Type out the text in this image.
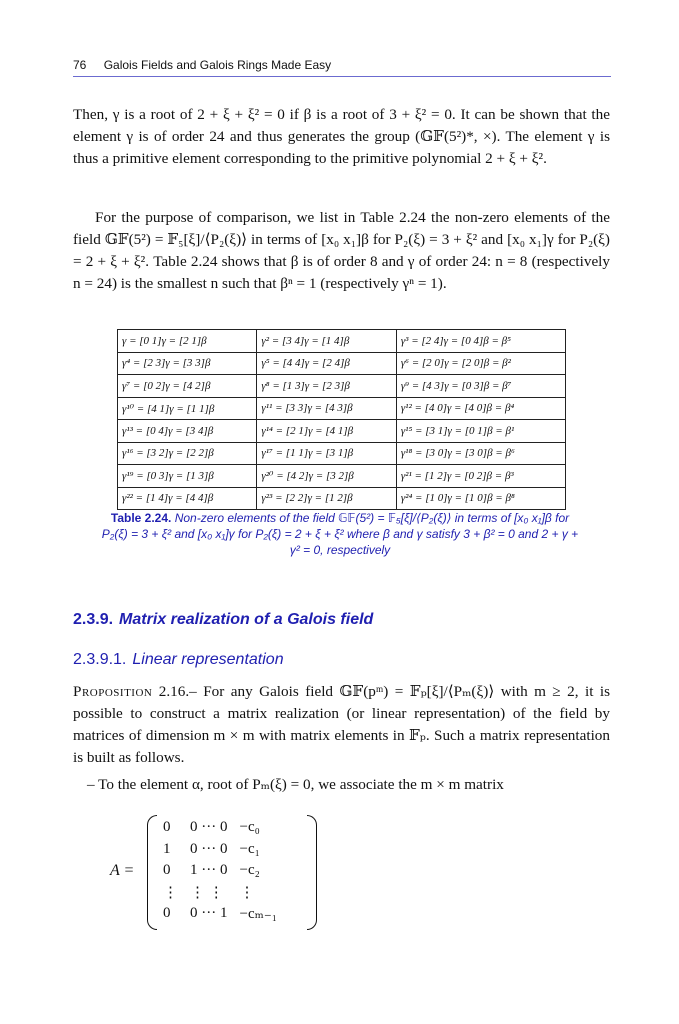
76 Galois Fields and Galois Rings Made Easy
Then, γ is a root of 2 + ξ + ξ² = 0 if β is a root of 3 + ξ² = 0. It can be shown that the element γ is of order 24 and thus generates the group (𝔾𝔽(5²)*, ×). The element γ is thus a primitive element corresponding to the primitive polynomial 2 + ξ + ξ².
For the purpose of comparison, we list in Table 2.24 the non-zero elements of the field 𝔾𝔽(5²) = 𝔽₅[ξ]/⟨P₂(ξ)⟩ in terms of [x₀ x₁]β for P₂(ξ) = 3 + ξ² and [x₀ x₁]γ for P₂(ξ) = 2 + ξ + ξ². Table 2.24 shows that β is of order 8 and γ of order 24: n = 8 (respectively n = 24) is the smallest n such that βⁿ = 1 (respectively γⁿ = 1).
γ = [0 1]γ = [2 1]β	γ² = [3 4]γ = [1 4]β	γ³ = [2 4]γ = [0 4]β = β⁵
γ⁴ = [2 3]γ = [3 3]β	γ⁵ = [4 4]γ = [2 4]β	γ⁶ = [2 0]γ = [2 0]β = β²
γ⁷ = [0 2]γ = [4 2]β	γ⁸ = [1 3]γ = [2 3]β	γ⁹ = [4 3]γ = [0 3]β = β⁷
γ¹⁰ = [4 1]γ = [1 1]β	γ¹¹ = [3 3]γ = [4 3]β	γ¹² = [4 0]γ = [4 0]β = β⁴
γ¹³ = [0 4]γ = [3 4]β	γ¹⁴ = [2 1]γ = [4 1]β	γ¹⁵ = [3 1]γ = [0 1]β = β¹
γ¹⁶ = [3 2]γ = [2 2]β	γ¹⁷ = [1 1]γ = [3 1]β	γ¹⁸ = [3 0]γ = [3 0]β = β⁶
γ¹⁹ = [0 3]γ = [1 3]β	γ²⁰ = [4 2]γ = [3 2]β	γ²¹ = [1 2]γ = [0 2]β = β³
γ²² = [1 4]γ = [4 4]β	γ²³ = [2 2]γ = [1 2]β	γ²⁴ = [1 0]γ = [1 0]β = β⁸
Table 2.24. Non-zero elements of the field 𝔾𝔽(5²) = 𝔽₅[ξ]/⟨P₂(ξ)⟩ in terms of [x₀ x₁]β for P₂(ξ) = 3 + ξ² and [x₀ x₁]γ for P₂(ξ) = 2 + ξ + ξ² where β and γ satisfy 3 + β² = 0 and 2 + γ + γ² = 0, respectively
2.3.9. Matrix realization of a Galois field
2.3.9.1. Linear representation
Proposition 2.16.– For any Galois field 𝔾𝔽(pᵐ) = 𝔽ₚ[ξ]/⟨Pₘ(ξ)⟩ with m ≥ 2, it is possible to construct a matrix realization (or linear representation) of the field by matrices of dimension m × m with matrix elements in 𝔽ₚ. Such a matrix representation is built as follows.
– To the element α, root of Pₘ(ξ) = 0, we associate the m × m matrix
A =
0	0 ··· 0	−c₀
1	0 ··· 0	−c₁
0	1 ··· 0	−c₂
⋮	⋮ ⋮	⋮
0	0 ··· 1	−cₘ₋₁
